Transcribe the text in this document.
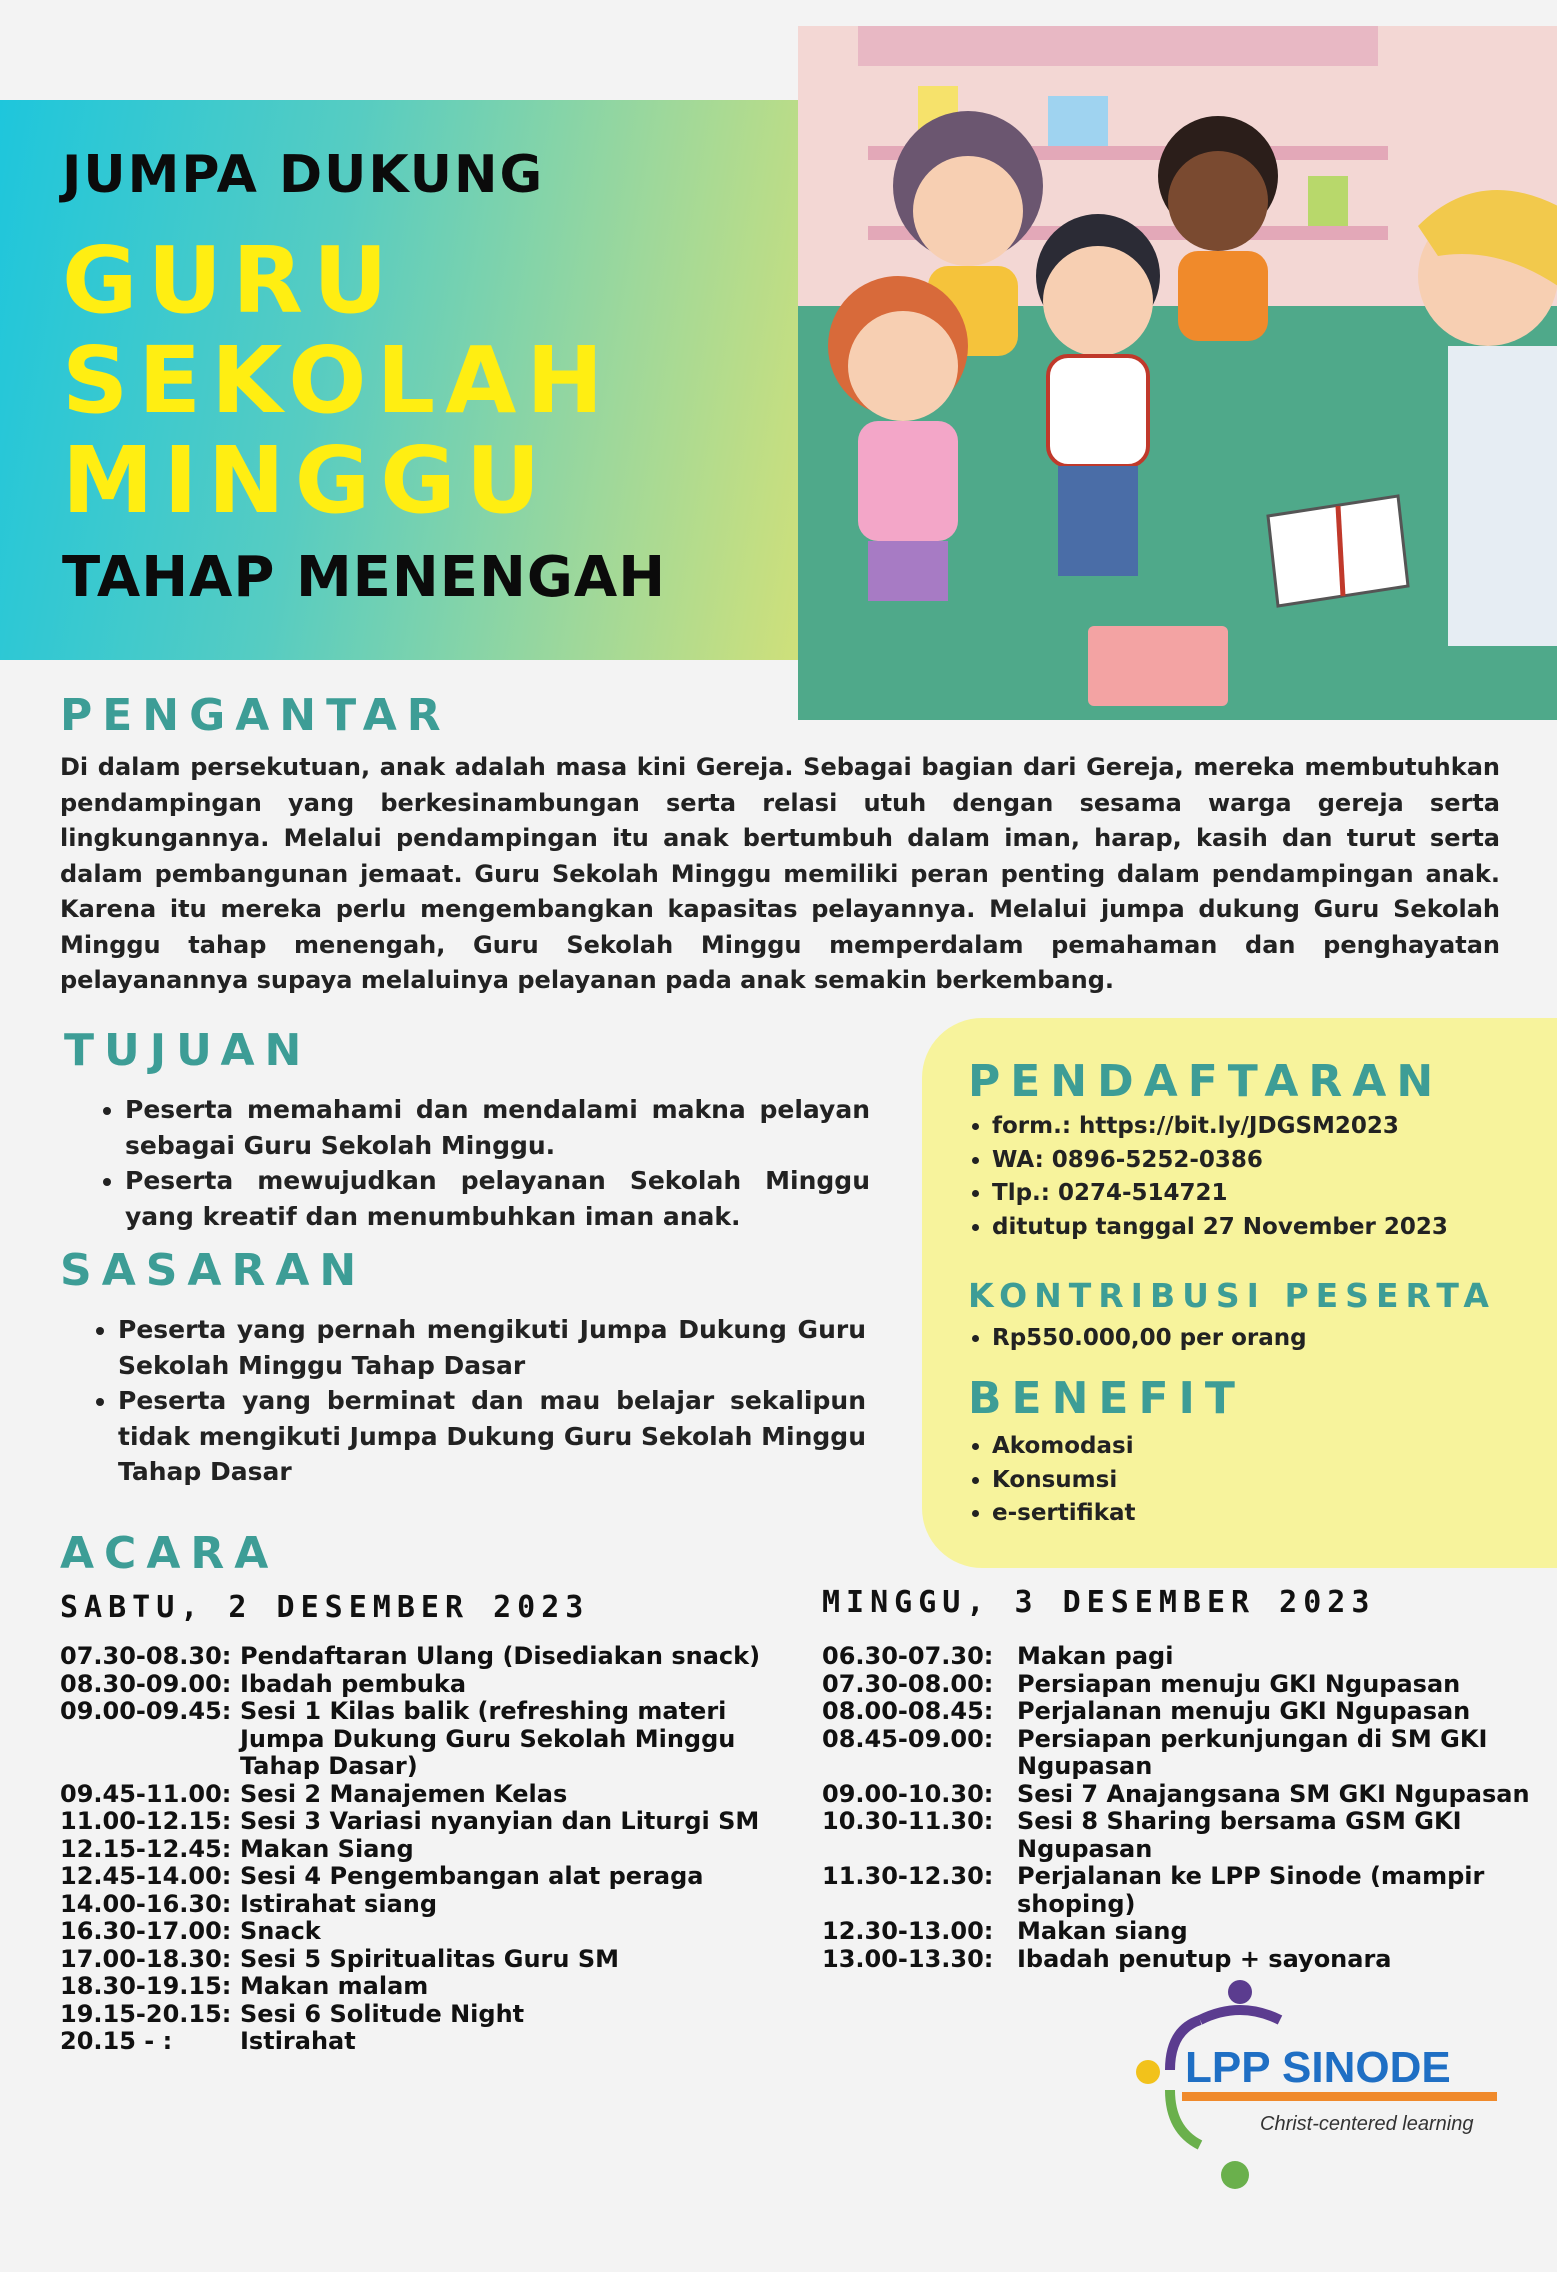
JUMPA DUKUNG
GURU
SEKOLAH
MINGGU
TAHAP MENENGAH
PENGANTAR
Di dalam persekutuan, anak adalah masa kini Gereja. Sebagai bagian dari Gereja, mereka membutuhkan pendampingan yang berkesinambungan serta relasi utuh dengan sesama warga gereja serta lingkungannya. Melalui pendampingan itu anak bertumbuh dalam iman, harap, kasih dan turut serta dalam pembangunan jemaat. Guru Sekolah Minggu memiliki peran penting dalam pendampingan anak. Karena itu mereka perlu mengembangkan kapasitas pelayannya. Melalui jumpa dukung Guru Sekolah Minggu tahap menengah, Guru Sekolah Minggu memperdalam pemahaman dan penghayatan pelayanannya supaya melaluinya pelayanan pada anak semakin berkembang.
TUJUAN
• Peserta memahami dan mendalami makna pelayan sebagai Guru Sekolah Minggu.
• Peserta mewujudkan pelayanan Sekolah Minggu yang kreatif dan menumbuhkan iman anak.
SASARAN
• Peserta yang pernah mengikuti Jumpa Dukung Guru Sekolah Minggu Tahap Dasar
• Peserta yang berminat dan mau belajar sekalipun tidak mengikuti Jumpa Dukung Guru Sekolah Minggu Tahap Dasar
PENDAFTARAN
• form.: https://bit.ly/JDGSM2023
• WA: 0896-5252-0386
• Tlp.: 0274-514721
• ditutup tanggal 27 November 2023
KONTRIBUSI PESERTA
• Rp550.000,00 per orang
BENEFIT
• Akomodasi
• Konsumsi
• e-sertifikat
ACARA
SABTU, 2 DESEMBER 2023
07.30-08.30: Pendaftaran Ulang (Disediakan snack)
08.30-09.00: Ibadah pembuka
09.00-09.45: Sesi 1 Kilas balik (refreshing materi Jumpa Dukung Guru Sekolah Minggu Tahap Dasar)
09.45-11.00: Sesi 2 Manajemen Kelas
11.00-12.15: Sesi 3 Variasi nyanyian dan Liturgi SM
12.15-12.45: Makan Siang
12.45-14.00: Sesi 4 Pengembangan alat peraga
14.00-16.30: Istirahat siang
16.30-17.00: Snack
17.00-18.30: Sesi 5 Spiritualitas Guru SM
18.30-19.15: Makan malam
19.15-20.15: Sesi 6 Solitude Night
20.15 - :	Istirahat
MINGGU, 3 DESEMBER 2023
06.30-07.30: Makan pagi
07.30-08.00: Persiapan menuju GKI Ngupasan
08.00-08.45: Perjalanan menuju GKI Ngupasan
08.45-09.00: Persiapan perkunjungan di SM GKI Ngupasan
09.00-10.30: Sesi 7 Anajangsana SM GKI Ngupasan
10.30-11.30: Sesi 8 Sharing bersama GSM GKI Ngupasan
11.30-12.30: Perjalanan ke LPP Sinode (mampir shoping)
12.30-13.00: Makan siang
13.00-13.30: Ibadah penutup + sayonara
LPP SINODE
Christ-centered learning
